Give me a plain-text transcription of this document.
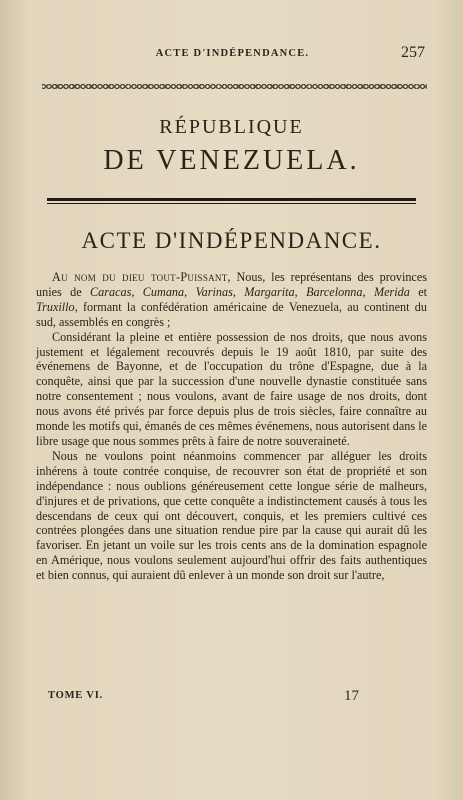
ACTE D'INDÉPENDANCE.	257
RÉPUBLIQUE
DE VENEZUELA.
ACTE D'INDÉPENDANCE.

Au nom du dieu tout-Puissant, Nous, les représentans des provinces unies de Caracas, Cumana, Varinas, Margarita, Barcelonna, Merida et Truxillo, formant la confédération américaine de Venezuela, au continent du sud, assemblés en congrès ;

Considérant la pleine et entière possession de nos droits, que nous avons justement et légalement recouvrés depuis le 19 août 1810, par suite des événemens de Bayonne, et de l'occupation du trône d'Espagne, due à la conquête, ainsi que par la succession d'une nouvelle dynastie constituée sans notre consentement ; nous voulons, avant de faire usage de nos droits, dont nous avons été privés par force depuis plus de trois siècles, faire connaître au monde les motifs qui, émanés de ces mêmes événemens, nous autorisent dans le libre usage que nous sommes prêts à faire de notre souveraineté.

Nous ne voulons point néanmoins commencer par alléguer les droits inhérens à toute contrée conquise, de recouvrer son état de propriété et son indépendance : nous oublions généreusement cette longue série de malheurs, d'injures et de privations, que cette conquête a indistinctement causés à tous les descendans de ceux qui ont découvert, conquis, et les premiers cultivé ces contrées plongées dans une situation rendue pire par la cause qui aurait dû les favoriser. En jetant un voile sur les trois cents ans de la domination espagnole en Amérique, nous voulons seulement aujourd'hui offrir des faits authentiques et bien connus, qui auraient dû enlever à un monde son droit sur l'autre,

TOME VI.	17
